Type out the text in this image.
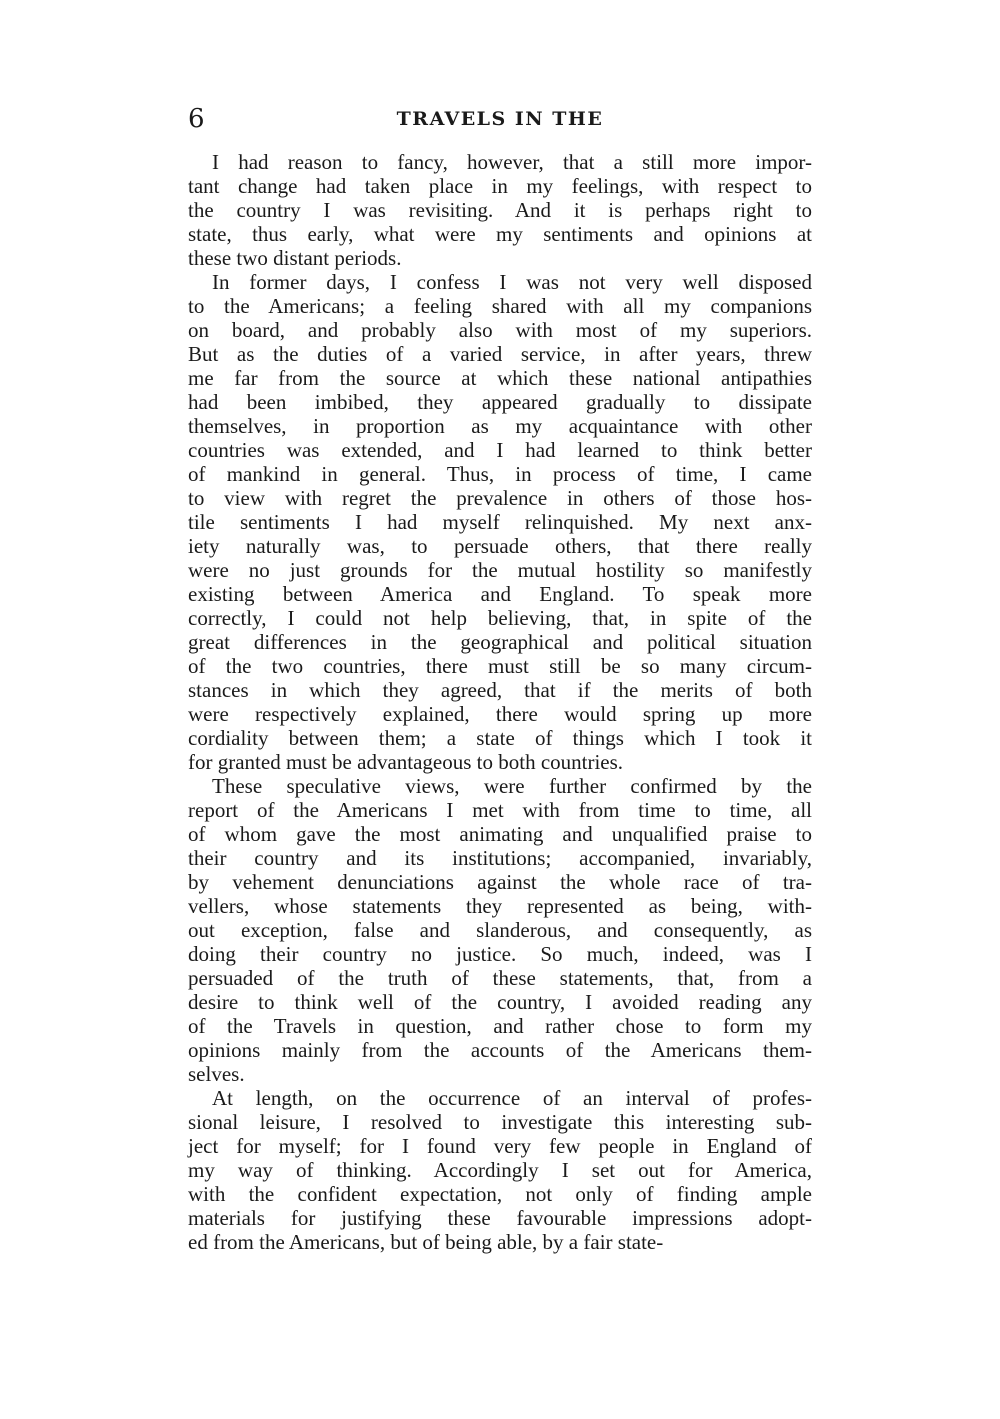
6	TRAVELS IN THE
I had reason to fancy, however, that a still more impor-
tant change had taken place in my feelings, with respect to
the country I was revisiting. And it is perhaps right to
state, thus early, what were my sentiments and opinions at
these two distant periods.
In former days, I confess I was not very well disposed
to the Americans; a feeling shared with all my companions
on board, and probably also with most of my superiors.
But as the duties of a varied service, in after years, threw
me far from the source at which these national antipathies
had been imbibed, they appeared gradually to dissipate
themselves, in proportion as my acquaintance with other
countries was extended, and I had learned to think better
of mankind in general. Thus, in process of time, I came
to view with regret the prevalence in others of those hos-
tile sentiments I had myself relinquished. My next anx-
iety naturally was, to persuade others, that there really
were no just grounds for the mutual hostility so manifestly
existing between America and England. To speak more
correctly, I could not help believing, that, in spite of the
great differences in the geographical and political situation
of the two countries, there must still be so many circum-
stances in which they agreed, that if the merits of both
were respectively explained, there would spring up more
cordiality between them; a state of things which I took it
for granted must be advantageous to both countries.
These speculative views, were further confirmed by the
report of the Americans I met with from time to time, all
of whom gave the most animating and unqualified praise to
their country and its institutions; accompanied, invariably,
by vehement denunciations against the whole race of tra-
vellers, whose statements they represented as being, with-
out exception, false and slanderous, and consequently, as
doing their country no justice. So much, indeed, was I
persuaded of the truth of these statements, that, from a
desire to think well of the country, I avoided reading any
of the Travels in question, and rather chose to form my
opinions mainly from the accounts of the Americans them-
selves.
At length, on the occurrence of an interval of profes-
sional leisure, I resolved to investigate this interesting sub-
ject for myself; for I found very few people in England of
my way of thinking. Accordingly I set out for America,
with the confident expectation, not only of finding ample
materials for justifying these favourable impressions adopt-
ed from the Americans, but of being able, by a fair state-
